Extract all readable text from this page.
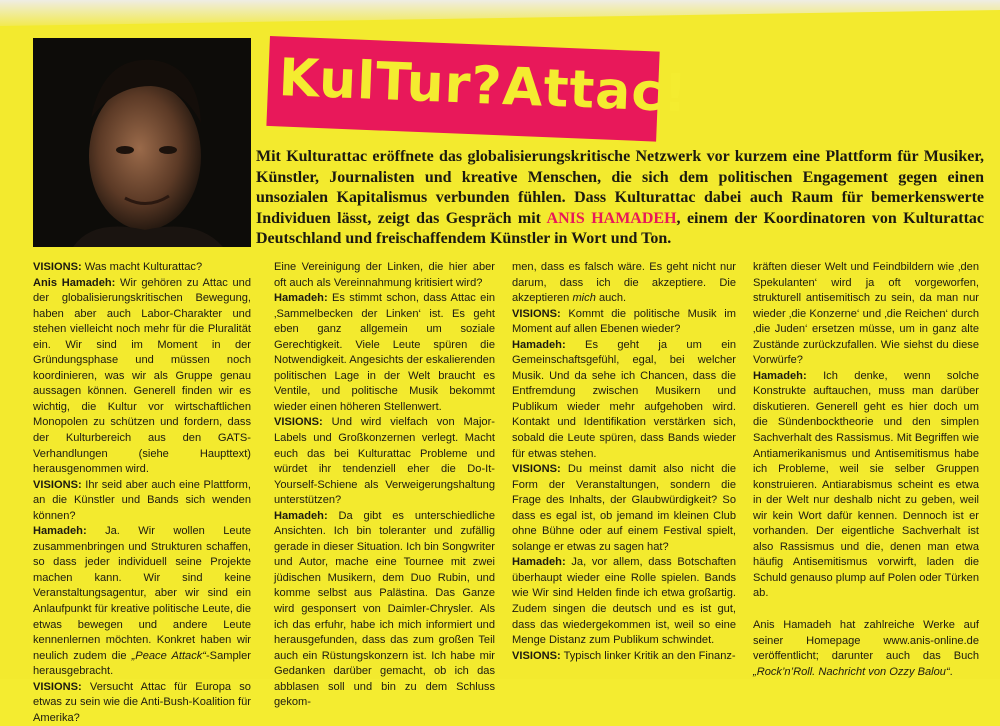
KulTur?Attac!
Mit Kulturattac eröffnete das globalisierungskritische Netzwerk vor kurzem eine Plattform für Musiker, Künstler, Journalisten und kreative Menschen, die sich dem politischen Engagement gegen einen unsozialen Kapitalismus verbunden fühlen. Dass Kulturattac dabei auch Raum für bemerkenswerte Individuen lässt, zeigt das Gespräch mit ANIS HAMADEH, einem der Koordinatoren von Kulturattac Deutschland und freischaffendem Künstler in Wort und Ton.

VISIONS: Was macht Kulturattac?

Anis Hamadeh: Wir gehören zu Attac und der globalisierungskritischen Bewegung, haben aber auch Labor-Charakter und stehen vielleicht noch mehr für die Pluralität ein. Wir sind im Moment in der Gründungsphase und müssen noch koordinieren, was wir als Gruppe genau aussagen können. Generell finden wir es wichtig, die Kultur vor wirtschaftlichen Monopolen zu schützen und fordern, dass der Kulturbereich aus den GATS-Verhandlungen (siehe Haupttext) herausgenommen wird.

VISIONS: Ihr seid aber auch eine Plattform, an die Künstler und Bands sich wenden können?

Hamadeh: Ja. Wir wollen Leute zusammenbringen und Strukturen schaffen, so dass jeder individuell seine Projekte machen kann. Wir sind keine Veranstaltungsagentur, aber wir sind ein Anlaufpunkt für kreative politische Leute, die etwas bewegen und andere Leute kennenlernen möchten. Konkret haben wir neulich zudem die „Peace Attack“-Sampler herausgebracht.

VISIONS: Versucht Attac für Europa so etwas zu sein wie die Anti-Bush-Koalition für Amerika?

Eine Vereinigung der Linken, die hier aber oft auch als Vereinnahmung kritisiert wird?

Hamadeh: Es stimmt schon, dass Attac ein ‚Sammelbecken der Linken‘ ist. Es geht eben ganz allgemein um soziale Gerechtigkeit. Viele Leute spüren die Notwendigkeit. Angesichts der eskalierenden politischen Lage in der Welt braucht es Ventile, und politische Musik bekommt wieder einen höheren Stellenwert.

VISIONS: Und wird vielfach von Major-Labels und Großkonzernen verlegt. Macht euch das bei Kulturattac Probleme und würdet ihr tendenziell eher die Do-It-Yourself-Schiene als Verweigerungshaltung unterstützen?

Hamadeh: Da gibt es unterschiedliche Ansichten. Ich bin toleranter und zufällig gerade in dieser Situation. Ich bin Songwriter und Autor, mache eine Tournee mit zwei jüdischen Musikern, dem Duo Rubin, und komme selbst aus Palästina. Das Ganze wird gesponsert von Daimler-Chrysler. Als ich das erfuhr, habe ich mich informiert und herausgefunden, dass das zum großen Teil auch ein Rüstungskonzern ist. Ich habe mir Gedanken darüber gemacht, ob ich das abblasen soll und bin zu dem Schluss gekom-

men, dass es falsch wäre. Es geht nicht nur darum, dass ich die akzeptiere. Die akzeptieren mich auch.

VISIONS: Kommt die politische Musik im Moment auf allen Ebenen wieder?

Hamadeh: Es geht ja um ein Gemeinschaftsgefühl, egal, bei welcher Musik. Und da sehe ich Chancen, dass die Entfremdung zwischen Musikern und Publikum wieder mehr aufgehoben wird. Kontakt und Identifikation verstärken sich, sobald die Leute spüren, dass Bands wieder für etwas stehen.

VISIONS: Du meinst damit also nicht die Form der Veranstaltungen, sondern die Frage des Inhalts, der Glaubwürdigkeit? So dass es egal ist, ob jemand im kleinen Club ohne Bühne oder auf einem Festival spielt, solange er etwas zu sagen hat?

Hamadeh: Ja, vor allem, dass Botschaften überhaupt wieder eine Rolle spielen. Bands wie Wir sind Helden finde ich etwa großartig. Zudem singen die deutsch und es ist gut, dass das wiedergekommen ist, weil so eine Menge Distanz zum Publikum schwindet.

VISIONS: Typisch linker Kritik an den Finanz-

kräften dieser Welt und Feindbildern wie ‚den Spekulanten‘ wird ja oft vorgeworfen, strukturell antisemitisch zu sein, da man nur wieder ‚die Konzerne‘ und ‚die Reichen‘ durch ‚die Juden‘ ersetzen müsse, um in ganz alte Zustände zurückzufallen. Wie siehst du diese Vorwürfe?

Hamadeh: Ich denke, wenn solche Konstrukte auftauchen, muss man darüber diskutieren. Generell geht es hier doch um die Sündenbocktheorie und den simplen Sachverhalt des Rassismus. Mit Begriffen wie Antiamerikanismus und Antisemitismus habe ich Probleme, weil sie selber Gruppen konstruieren. Antiarabismus scheint es etwa in der Welt nur deshalb nicht zu geben, weil wir kein Wort dafür kennen. Dennoch ist er vorhanden. Der eigentliche Sachverhalt ist also Rassismus und die, denen man etwa häufig Antisemitismus vorwirft, laden die Schuld genauso plump auf Polen oder Türken ab.

Anis Hamadeh hat zahlreiche Werke auf seiner Homepage www.anis-online.de veröffentlicht; darunter auch das Buch „Rock’n’Roll. Nachricht von Ozzy Balou“.
